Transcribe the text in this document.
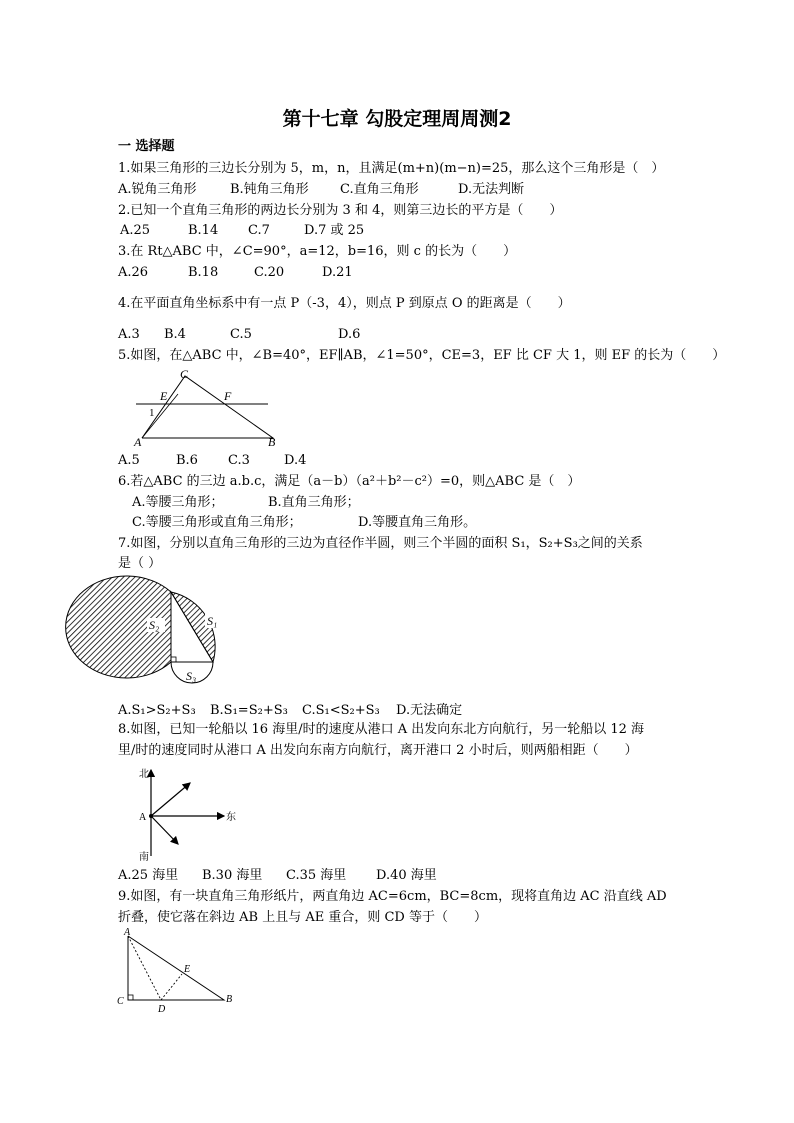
第十七章 勾股定理周周测2
一 选择题
1.如果三角形的三边长分别为 5，m，n，且满足(m+n)(m−n)=25，那么这个三角形是（　）
A.锐角三角形	B.钝角三角形 C.直角三角形	D.无法判断
2.已知一个直角三角形的两边长分别为 3 和 4，则第三边长的平方是（　　）
A.25	B.14 C.7	D.7 或 25
3.在 Rt△ABC 中，∠C=90°，a=12，b=16，则 c 的长为（　　）
A.26	B.18	C.20	D.21
4.在平面直角坐标系中有一点 P（-3，4），则点 P 到原点 O 的距离是（　　）
A.3 B.4	C.5	D.6
5.如图，在△ABC 中，∠B=40°，EF∥AB，∠1=50°，CE=3，EF 比 CF 大 1，则 EF 的长为（　　）
C
E	F
1
A	B
A.5	B.6 C.3	D.4
6.若△ABC 的三边 a.b.c，满足（a－b）（a²＋b²－c²）=0，则△ABC 是（　）
A.等腰三角形；	B.直角三角形；
C.等腰三角形或直角三角形；	D.等腰直角三角形。
7.如图，分别以直角三角形的三边为直径作半圆，则三个半圆的面积 S₁，S₂+S₃之间的关系
是（ ）
S₂	S₁
S₃
A.S₁>S₂+S₃ B.S₁=S₂+S₃ C.S₁<S₂+S₃ D.无法确定
8.如图，已知一轮船以 16 海里/时的速度从港口 A 出发向东北方向航行，另一轮船以 12 海
里/时的速度同时从港口 A 出发向东南方向航行，离开港口 2 小时后，则两船相距（　　）
北
A	东
南
A.25 海里 B.30 海里 C.35 海里 D.40 海里
9.如图，有一块直角三角形纸片，两直角边 AC=6cm，BC=8cm，现将直角边 AC 沿直线 AD
折叠，使它落在斜边 AB 上且与 AE 重合，则 CD 等于（　　）
A
E
C
D
B
